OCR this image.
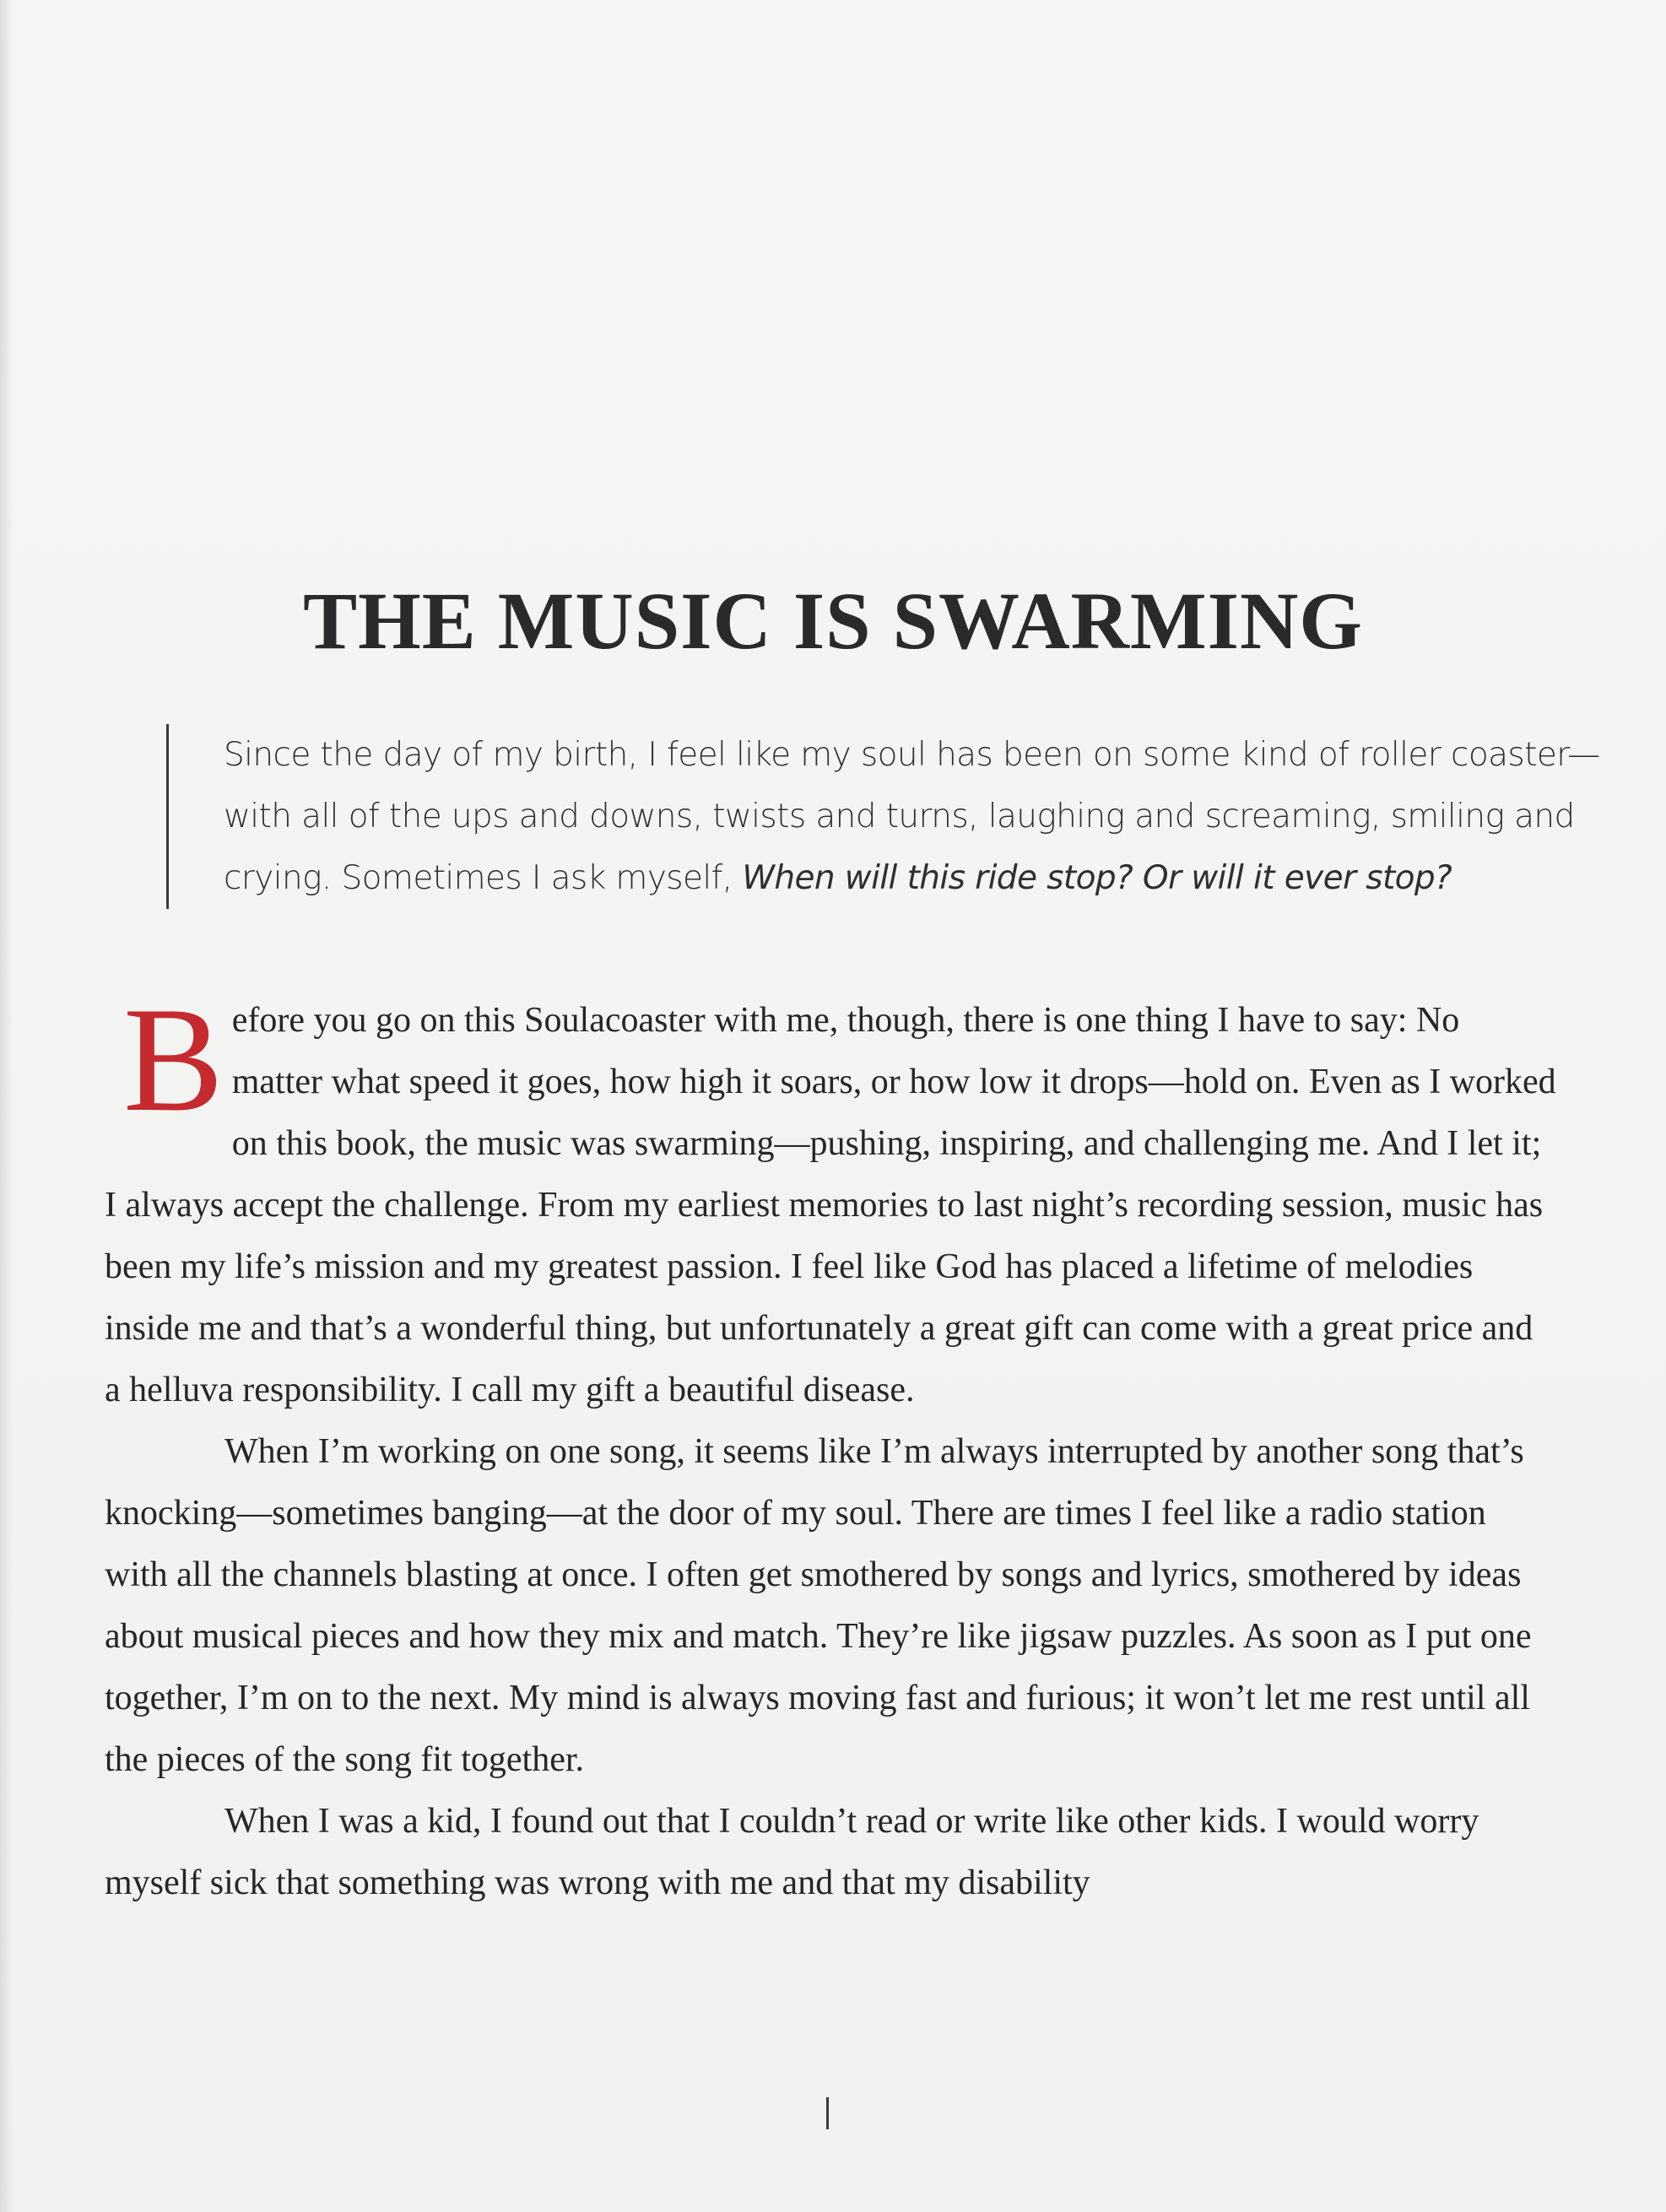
THE MUSIC IS SWARMING
Since the day of my birth, I feel like my soul has been on some kind of roller coaster—with all of the ups and downs, twists and turns, laughing and screaming, smiling and crying. Sometimes I ask myself, When will this ride stop? Or will it ever stop?

Before you go on this Soulacoaster with me, though, there is one thing I have to say: No matter what speed it goes, how high it soars, or how low it drops—hold on. Even as I worked on this book, the music was swarming—pushing, inspiring, and challenging me. And I let it; I always accept the challenge. From my earliest memories to last night’s recording session, music has been my life’s mission and my greatest passion. I feel like God has placed a lifetime of melodies inside me and that’s a wonderful thing, but unfortunately a great gift can come with a great price and a helluva responsibility. I call my gift a beautiful disease.

When I’m working on one song, it seems like I’m always interrupted by another song that’s knocking—sometimes banging—at the door of my soul. There are times I feel like a radio station with all the channels blasting at once. I often get smothered by songs and lyrics, smothered by ideas about musical pieces and how they mix and match. They’re like jigsaw puzzles. As soon as I put one together, I’m on to the next. My mind is always moving fast and furious; it won’t let me rest until all the pieces of the song fit together.

When I was a kid, I found out that I couldn’t read or write like other kids. I would worry myself sick that something was wrong with me and that my disability
